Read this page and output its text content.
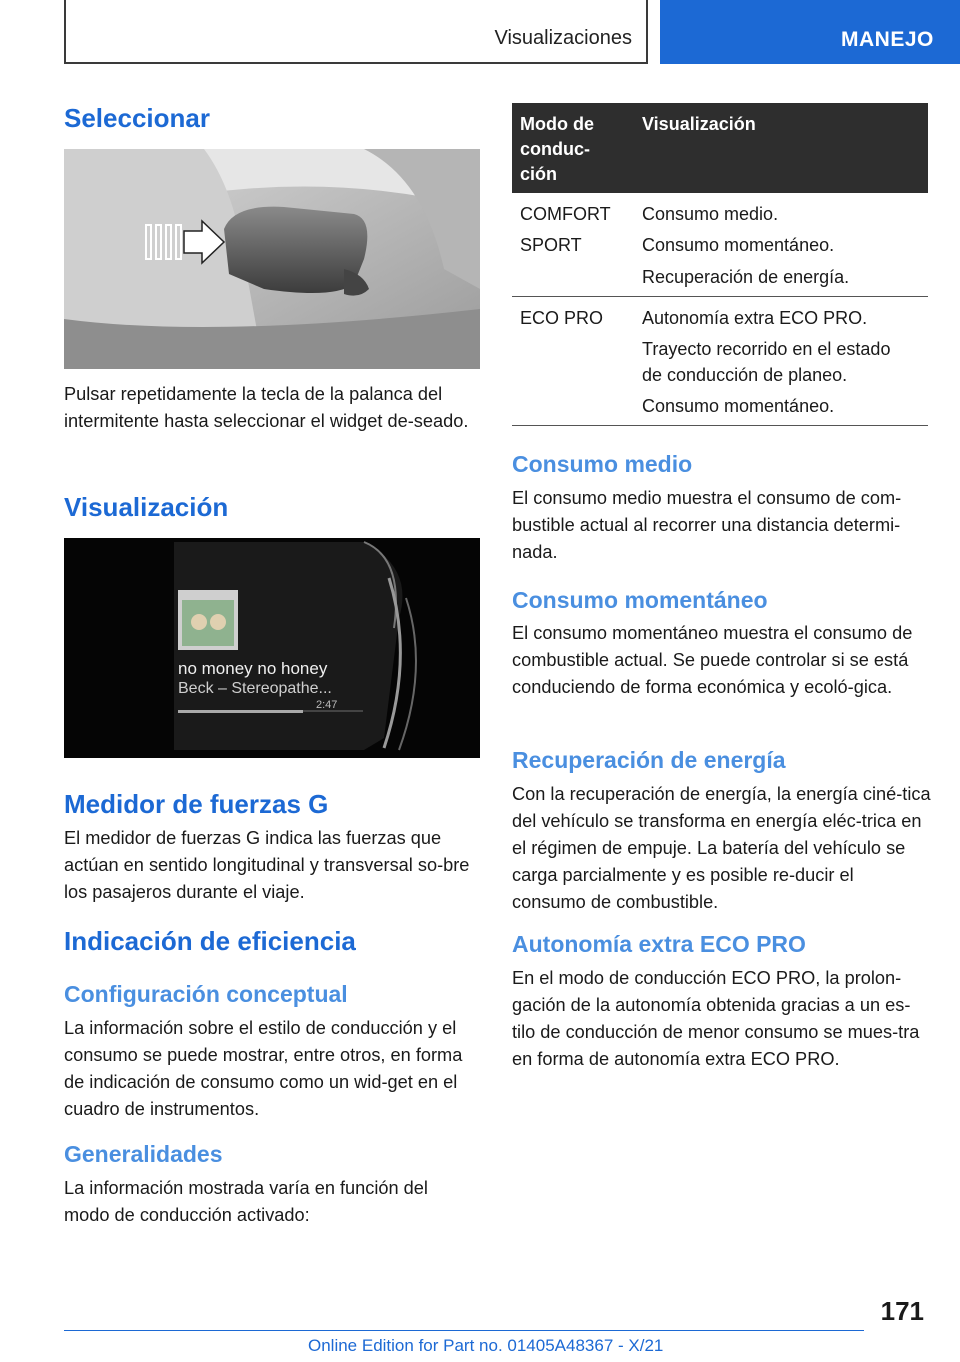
Visualizaciones	MANEJO
Seleccionar

Pulsar repetidamente la tecla de la palanca del intermitente hasta seleccionar el widget de-seado.

Visualización
no money no honey
Beck – Stereopathe...
2:47
Medidor de fuerzas G

El medidor de fuerzas G indica las fuerzas que actúan en sentido longitudinal y transversal so-bre los pasajeros durante el viaje.

Indicación de eficiencia
Configuración conceptual

La información sobre el estilo de conducción y el consumo se puede mostrar, entre otros, en forma de indicación de consumo como un wid-get en el cuadro de instrumentos.

Generalidades

La información mostrada varía en función del modo de conducción activado:

Modo de
conduc-
ción
Visualización
COMFORT
SPORT
Consumo medio.
Consumo momentáneo.
Recuperación de energía.
ECO PRO Autonomía extra ECO PRO.
Trayecto recorrido en el estado
de conducción de planeo.
Consumo momentáneo.
Consumo medio

El consumo medio muestra el consumo de com-bustible actual al recorrer una distancia determi-nada.

Consumo momentáneo

El consumo momentáneo muestra el consumo de combustible actual. Se puede controlar si se está conduciendo de forma económica y ecoló-gica.

Recuperación de energía

Con la recuperación de energía, la energía ciné-tica del vehículo se transforma en energía eléc-trica en el régimen de empuje. La batería del vehículo se carga parcialmente y es posible re-ducir el consumo de combustible.

Autonomía extra ECO PRO

En el modo de conducción ECO PRO, la prolon-gación de la autonomía obtenida gracias a un es-tilo de conducción de menor consumo se mues-tra en forma de autonomía extra ECO PRO.

171
Online Edition for Part no. 01405A48367 - X/21
